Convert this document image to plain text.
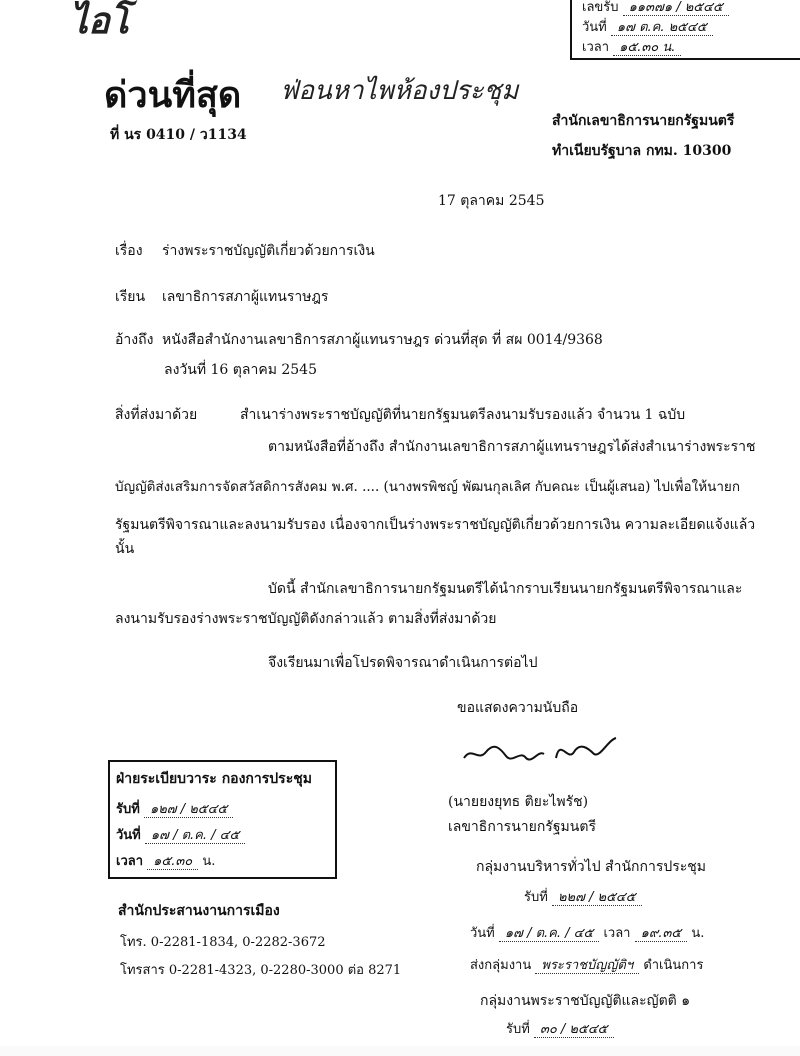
ไอโ	เลขรับ ๑๑๓๗๑ / ๒๕๔๕
วันที่ ๑๗ ต.ค. ๒๕๔๕
เวลา ๑๕.๓๐ น.
ด่วนที่สุด ฟ่อนหาไพห้องประชุม
ที่ นร 0410 / ว1134
สำนักเลขาธิการนายกรัฐมนตรี
ทำเนียบรัฐบาล กทม. 10300
17 ตุลาคม 2545
เรื่อง ร่างพระราชบัญญัติเกี่ยวด้วยการเงิน
เรียน เลขาธิการสภาผู้แทนราษฎร
อ้างถึง หนังสือสำนักงานเลขาธิการสภาผู้แทนราษฎร ด่วนที่สุด ที่ สผ 0014/9368
ลงวันที่ 16 ตุลาคม 2545
สิ่งที่ส่งมาด้วย	สำเนาร่างพระราชบัญญัติที่นายกรัฐมนตรีลงนามรับรองแล้ว จำนวน 1 ฉบับ
ตามหนังสือที่อ้างถึง สำนักงานเลขาธิการสภาผู้แทนราษฎรได้ส่งสำเนาร่างพระราช
บัญญัติส่งเสริมการจัดสวัสดิการสังคม พ.ศ. .... (นางพรพิชญ์ พัฒนกุลเลิศ กับคณะ เป็นผู้เสนอ) ไปเพื่อให้นายก
รัฐมนตรีพิจารณาและลงนามรับรอง เนื่องจากเป็นร่างพระราชบัญญัติเกี่ยวด้วยการเงิน ความละเอียดแจ้งแล้ว
นั้น
บัดนี้ สำนักเลขาธิการนายกรัฐมนตรีได้นำกราบเรียนนายกรัฐมนตรีพิจารณาและ
ลงนามรับรองร่างพระราชบัญญัติดังกล่าวแล้ว ตามสิ่งที่ส่งมาด้วย
จึงเรียนมาเพื่อโปรดพิจารณาดำเนินการต่อไป
ขอแสดงความนับถือ
(นายยงยุทธ ติยะไพรัช)
เลขาธิการนายกรัฐมนตรี
ฝ่ายระเบียบวาระ กองการประชุม
รับที่ ๑๒๗ / ๒๕๔๕
วันที่ ๑๗ / ต.ค. / ๔๕
เวลา ๑๕.๓๐ น.
สำนักประสานงานการเมือง
โทร. 0-2281-1834, 0-2282-3672
โทรสาร 0-2281-4323, 0-2280-3000 ต่อ 8271
กลุ่มงานบริหารทั่วไป สำนักการประชุม
รับที่ ๒๒๗ / ๒๕๔๕
วันที่ ๑๗ / ต.ค. / ๔๕ เวลา ๑๙.๓๕ น.
ส่งกลุ่มงาน พระราชบัญญัติฯ ดำเนินการ
กลุ่มงานพระราชบัญญัติและญัตติ ๑
รับที่ ๓๐ / ๒๕๔๕
